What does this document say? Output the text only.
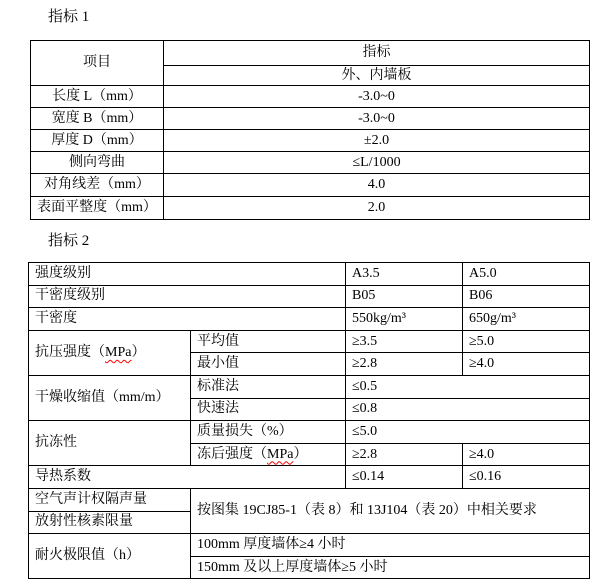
指标 1
项目	指标
	外、内墙板
长度 L（mm）	-3.0~0
宽度 B（mm）	-3.0~0
厚度 D（mm）	±2.0
侧向弯曲	≤L/1000
对角线差（mm）	4.0
表面平整度（mm）	2.0
指标 2
强度级别		A3.5	A5.0
干密度级别		B05	B06
干密度		550kg/m³	650g/m³
抗压强度（MPa）	平均值	≥3.5	≥5.0
	最小值	≥2.8	≥4.0
干燥收缩值（mm/m）	标准法	≤0.5	
	快速法	≤0.8	
抗冻性	质量损失（%）	≤5.0	
	冻后强度（MPa）	≥2.8	≥4.0
导热系数		≤0.14	≤0.16
空气声计权隔声量	按图集 19CJ85-1（表 8）和 13J104（表 20）中相关要求		
放射性核素限量			
耐火极限值（h）	100mm 厚度墙体≥4 小时		
	150mm 及以上厚度墙体≥5 小时		
